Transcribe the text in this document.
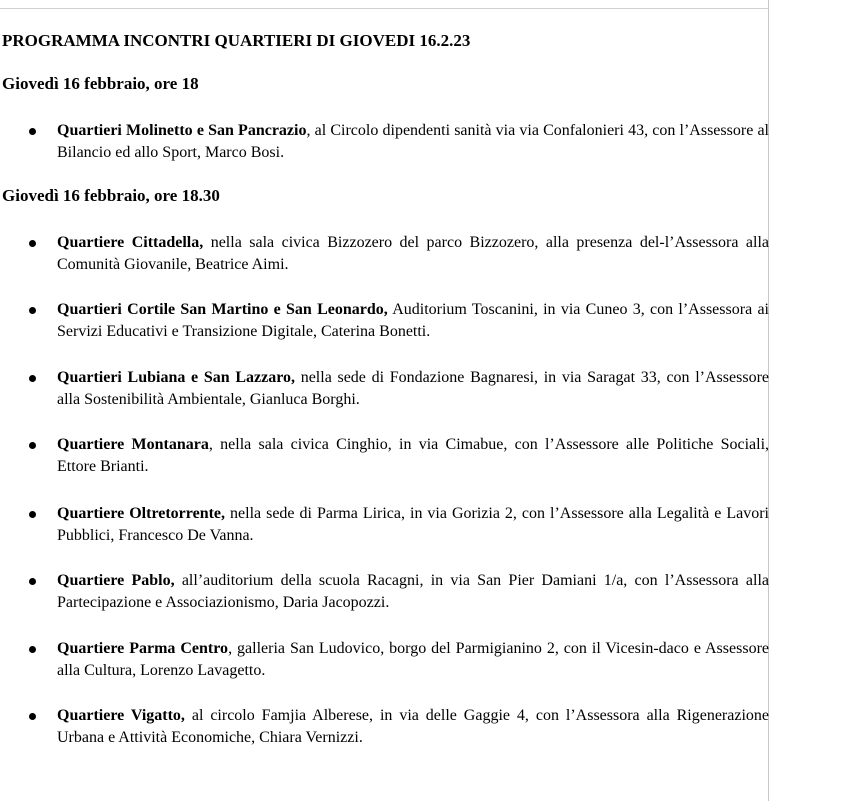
PROGRAMMA INCONTRI QUARTIERI DI GIOVEDI 16.2.23
Giovedì 16 febbraio, ore 18
Quartieri Molinetto e San Pancrazio, al Circolo dipendenti sanità via via Confalonieri 43, con l’Assessore al Bilancio ed allo Sport, Marco Bosi.
Giovedì 16 febbraio, ore 18.30
Quartiere Cittadella, nella sala civica Bizzozero del parco Bizzozero, alla presenza del-l’Assessora alla Comunità Giovanile, Beatrice Aimi.
Quartieri Cortile San Martino e San Leonardo, Auditorium Toscanini, in via Cuneo 3, con l’Assessora ai Servizi Educativi e Transizione Digitale, Caterina Bonetti.
Quartieri Lubiana e San Lazzaro, nella sede di Fondazione Bagnaresi, in via Saragat 33, con l’Assessore alla Sostenibilità Ambientale, Gianluca Borghi.
Quartiere Montanara, nella sala civica Cinghio, in via Cimabue, con l’Assessore alle Politiche Sociali, Ettore Brianti.
Quartiere Oltretorrente, nella sede di Parma Lirica, in via Gorizia 2, con l’Assessore alla Legalità e Lavori Pubblici, Francesco De Vanna.
Quartiere Pablo, all’auditorium della scuola Racagni, in via San Pier Damiani 1/a, con l’Assessora alla Partecipazione e Associazionismo, Daria Jacopozzi.
Quartiere Parma Centro, galleria San Ludovico, borgo del Parmigianino 2, con il Vicesin-daco e Assessore alla Cultura, Lorenzo Lavagetto.
Quartiere Vigatto, al circolo Famjia Alberese, in via delle Gaggie 4, con l’Assessora alla Rigenerazione Urbana e Attività Economiche, Chiara Vernizzi.
